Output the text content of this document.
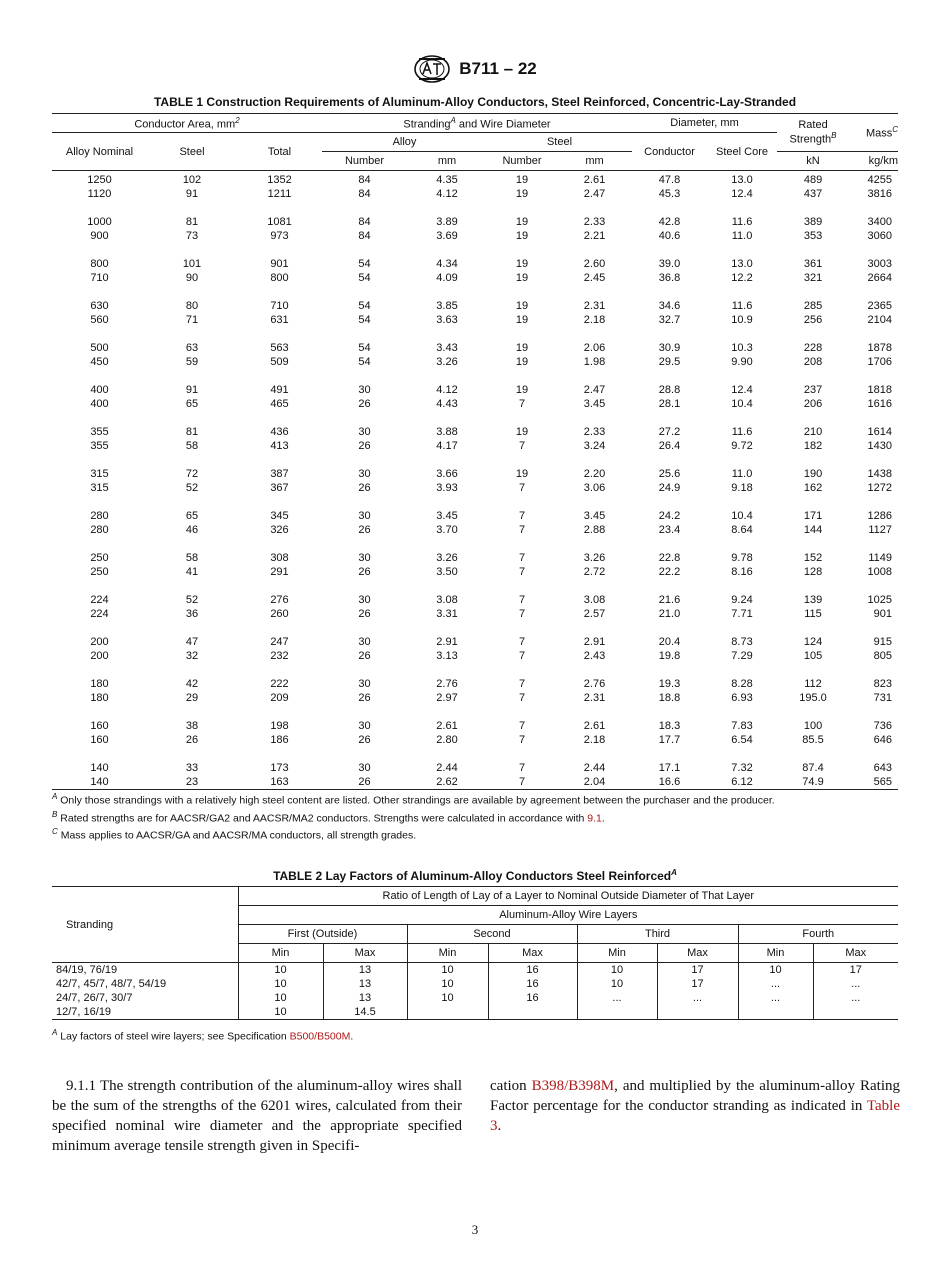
B711 – 22
TABLE 1 Construction Requirements of Aluminum-Alloy Conductors, Steel Reinforced, Concentric-Lay-Stranded
Conductor Area, $mm^2$			Stranding$^A$ and Wire Diameter				Diameter, mm		Rated Strength$^B$	Mass$^C$
Alloy Nominal	Steel	Total	Alloy		Steel		Conductor	Steel Core		
			Number	mm	Number	mm			kN	kg/km
1250	102	1352	84	4.35	19	2.61	47.8	13.0	489	4255
1120	91	1211	84	4.12	19	2.47	45.3	12.4	437	3816

1000	81	1081	84	3.89	19	2.33	42.8	11.6	389	3400
900	73	973	84	3.69	19	2.21	40.6	11.0	353	3060

800	101	901	54	4.34	19	2.60	39.0	13.0	361	3003
710	90	800	54	4.09	19	2.45	36.8	12.2	321	2664

630	80	710	54	3.85	19	2.31	34.6	11.6	285	2365
560	71	631	54	3.63	19	2.18	32.7	10.9	256	2104

500	63	563	54	3.43	19	2.06	30.9	10.3	228	1878
450	59	509	54	3.26	19	1.98	29.5	9.90	208	1706

400	91	491	30	4.12	19	2.47	28.8	12.4	237	1818
400	65	465	26	4.43	7	3.45	28.1	10.4	206	1616

355	81	436	30	3.88	19	2.33	27.2	11.6	210	1614
355	58	413	26	4.17	7	3.24	26.4	9.72	182	1430

315	72	387	30	3.66	19	2.20	25.6	11.0	190	1438
315	52	367	26	3.93	7	3.06	24.9	9.18	162	1272

280	65	345	30	3.45	7	3.45	24.2	10.4	171	1286
280	46	326	26	3.70	7	2.88	23.4	8.64	144	1127

250	58	308	30	3.26	7	3.26	22.8	9.78	152	1149
250	41	291	26	3.50	7	2.72	22.2	8.16	128	1008

224	52	276	30	3.08	7	3.08	21.6	9.24	139	1025
224	36	260	26	3.31	7	2.57	21.0	7.71	115	901

200	47	247	30	2.91	7	2.91	20.4	8.73	124	915
200	32	232	26	3.13	7	2.43	19.8	7.29	105	805

180	42	222	30	2.76	7	2.76	19.3	8.28	112	823
180	29	209	26	2.97	7	2.31	18.8	6.93	195.0	731

160	38	198	30	2.61	7	2.61	18.3	7.83	100	736
160	26	186	26	2.80	7	2.18	17.7	6.54	85.5	646

140	33	173	30	2.44	7	2.44	17.1	7.32	87.4	643
140	23	163	26	2.62	7	2.04	16.6	6.12	74.9	565
$^A$ Only those strandings with a relatively high steel content are listed. Other strandings are available by agreement between the purchaser and the producer.
$^B$ Rated strengths are for AACSR/GA2 and AACSR/MA2 conductors. Strengths were calculated in accordance with 9.1.
$^C$ Mass applies to AACSR/GA and AACSR/MA conductors, all strength grades.
TABLE 2 Lay Factors of Aluminum-Alloy Conductors Steel Reinforced$^A$
Stranding	Ratio of Length of Lay of a Layer to Nominal Outside Diameter of That Layer							
	Aluminum-Alloy Wire Layers							
	First (Outside)		Second		Third		Fourth	
	Min	Max	Min	Max	Min	Max	Min	Max
84/19, 76/19	10	13	10	16	10	17	10	17
42/7, 45/7, 48/7, 54/19	10	13	10	16	10	17	...	...
24/7, 26/7, 30/7	10	13	10	16	...	...	...	...
12/7, 16/19	10	14.5						
$^A$ Lay factors of steel wire layers; see Specification B500/B500M.
9.1.1 The strength contribution of the aluminum-alloy wires shall be the sum of the strengths of the 6201 wires, calculated from their specified nominal wire diameter and the appropriate specified minimum average tensile strength given in Specifi-
cation B398/B398M, and multiplied by the aluminum-alloy Rating Factor percentage for the conductor stranding as indicated in Table 3.
3
